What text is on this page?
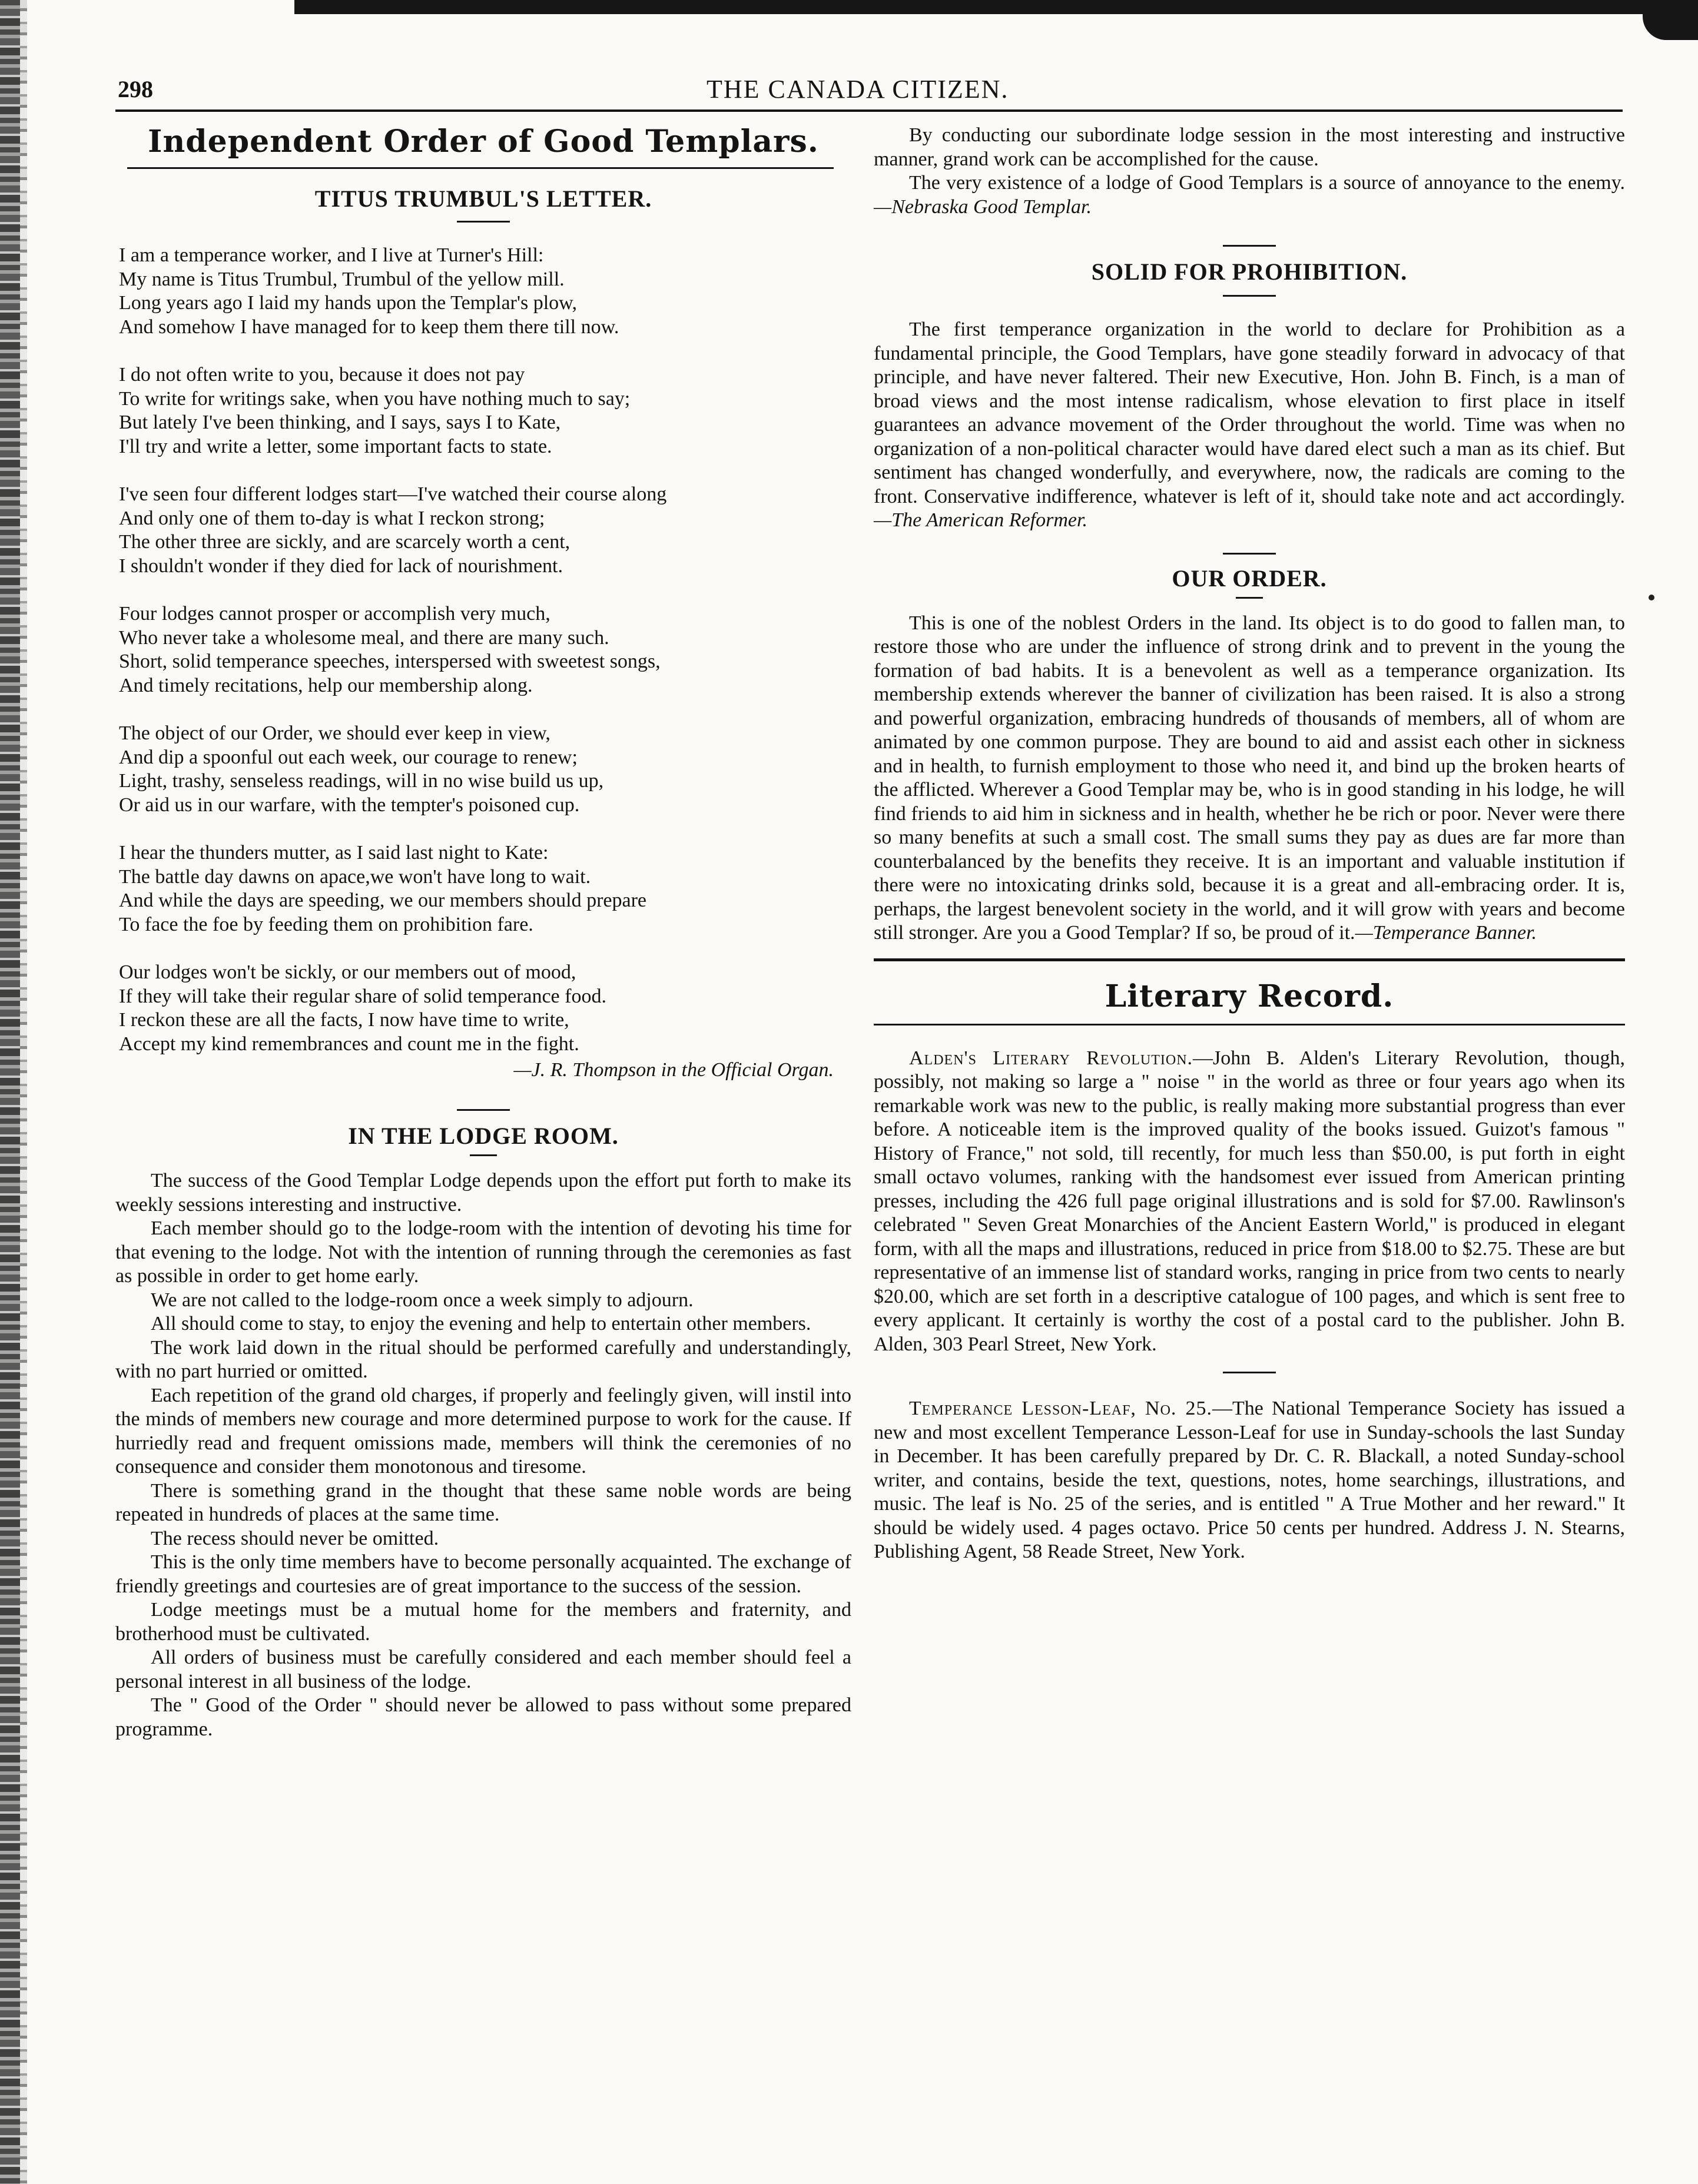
298	THE CANADA CITIZEN.
Independent Order of Good Templars.
TITUS TRUMBUL'S LETTER.

I am a temperance worker, and I live at Turner's Hill:

My name is Titus Trumbul, Trumbul of the yellow mill.

Long years ago I laid my hands upon the Templar's plow,

And somehow I have managed for to keep them there till now.

I do not often write to you, because it does not pay

To write for writings sake, when you have nothing much to say;

But lately I've been thinking, and I says, says I to Kate,

I'll try and write a letter, some important facts to state.

I've seen four different lodges start—I've watched their course along

And only one of them to-day is what I reckon strong;

The other three are sickly, and are scarcely worth a cent,

I shouldn't wonder if they died for lack of nourishment.

Four lodges cannot prosper or accomplish very much,

Who never take a wholesome meal, and there are many such.

Short, solid temperance speeches, interspersed with sweetest songs,

And timely recitations, help our membership along.

The object of our Order, we should ever keep in view,

And dip a spoonful out each week, our courage to renew;

Light, trashy, senseless readings, will in no wise build us up,

Or aid us in our warfare, with the tempter's poisoned cup.

I hear the thunders mutter, as I said last night to Kate:

The battle day dawns on apace,we won't have long to wait.

And while the days are speeding, we our members should prepare

To face the foe by feeding them on prohibition fare.

Our lodges won't be sickly, or our members out of mood,

If they will take their regular share of solid temperance food.

I reckon these are all the facts, I now have time to write,

Accept my kind remembrances and count me in the fight.

—J. R. Thompson in the Official Organ.
IN THE LODGE ROOM.

The success of the Good Templar Lodge depends upon the effort put forth to make its weekly sessions interesting and instructive.

Each member should go to the lodge-room with the intention of devoting his time for that evening to the lodge. Not with the intention of running through the ceremonies as fast as possible in order to get home early.

We are not called to the lodge-room once a week simply to adjourn.

All should come to stay, to enjoy the evening and help to entertain other members.

The work laid down in the ritual should be performed carefully and understandingly, with no part hurried or omitted.

Each repetition of the grand old charges, if properly and feelingly given, will instil into the minds of members new courage and more determined purpose to work for the cause. If hurriedly read and frequent omissions made, members will think the ceremonies of no consequence and consider them monotonous and tiresome.

There is something grand in the thought that these same noble words are being repeated in hundreds of places at the same time.

The recess should never be omitted.

This is the only time members have to become personally acquainted. The exchange of friendly greetings and courtesies are of great importance to the success of the session.

Lodge meetings must be a mutual home for the members and fraternity, and brotherhood must be cultivated.

All orders of business must be carefully considered and each member should feel a personal interest in all business of the lodge.

The " Good of the Order " should never be allowed to pass without some prepared programme.

By conducting our subordinate lodge session in the most interesting and instructive manner, grand work can be accomplished for the cause.

The very existence of a lodge of Good Templars is a source of annoyance to the enemy.—Nebraska Good Templar.

SOLID FOR PROHIBITION.

The first temperance organization in the world to declare for Prohibition as a fundamental principle, the Good Templars, have gone steadily forward in advocacy of that principle, and have never faltered. Their new Executive, Hon. John B. Finch, is a man of broad views and the most intense radicalism, whose elevation to first place in itself guarantees an advance movement of the Order throughout the world. Time was when no organization of a non-political character would have dared elect such a man as its chief. But sentiment has changed wonderfully, and everywhere, now, the radicals are coming to the front. Conservative indifference, whatever is left of it, should take note and act accordingly.—The American Reformer.

OUR ORDER.

This is one of the noblest Orders in the land. Its object is to do good to fallen man, to restore those who are under the influence of strong drink and to prevent in the young the formation of bad habits. It is a benevolent as well as a temperance organization. Its membership extends wherever the banner of civilization has been raised. It is also a strong and powerful organization, embracing hundreds of thousands of members, all of whom are animated by one common purpose. They are bound to aid and assist each other in sickness and in health, to furnish employment to those who need it, and bind up the broken hearts of the afflicted. Wherever a Good Templar may be, who is in good standing in his lodge, he will find friends to aid him in sickness and in health, whether he be rich or poor. Never were there so many benefits at such a small cost. The small sums they pay as dues are far more than counterbalanced by the benefits they receive. It is an important and valuable institution if there were no intoxicating drinks sold, because it is a great and all-embracing order. It is, perhaps, the largest benevolent society in the world, and it will grow with years and become still stronger. Are you a Good Templar? If so, be proud of it.—Temperance Banner.

Literary Record.

Alden's Literary Revolution.—John B. Alden's Literary Revolution, though, possibly, not making so large a " noise " in the world as three or four years ago when its remarkable work was new to the public, is really making more substantial progress than ever before. A noticeable item is the improved quality of the books issued. Guizot's famous " History of France," not sold, till recently, for much less than $50.00, is put forth in eight small octavo volumes, ranking with the handsomest ever issued from American printing presses, including the 426 full page original illustrations and is sold for $7.00. Rawlinson's celebrated " Seven Great Monarchies of the Ancient Eastern World," is produced in elegant form, with all the maps and illustrations, reduced in price from $18.00 to $2.75. These are but representative of an immense list of standard works, ranging in price from two cents to nearly $20.00, which are set forth in a descriptive catalogue of 100 pages, and which is sent free to every applicant. It certainly is worthy the cost of a postal card to the publisher. John B. Alden, 303 Pearl Street, New York.

Temperance Lesson-Leaf, No. 25.—The National Temperance Society has issued a new and most excellent Temperance Lesson-Leaf for use in Sunday-schools the last Sunday in December. It has been carefully prepared by Dr. C. R. Blackall, a noted Sunday-school writer, and contains, beside the text, questions, notes, home searchings, illustrations, and music. The leaf is No. 25 of the series, and is entitled " A True Mother and her reward." It should be widely used. 4 pages octavo. Price 50 cents per hundred. Address J. N. Stearns, Publishing Agent, 58 Reade Street, New York.
